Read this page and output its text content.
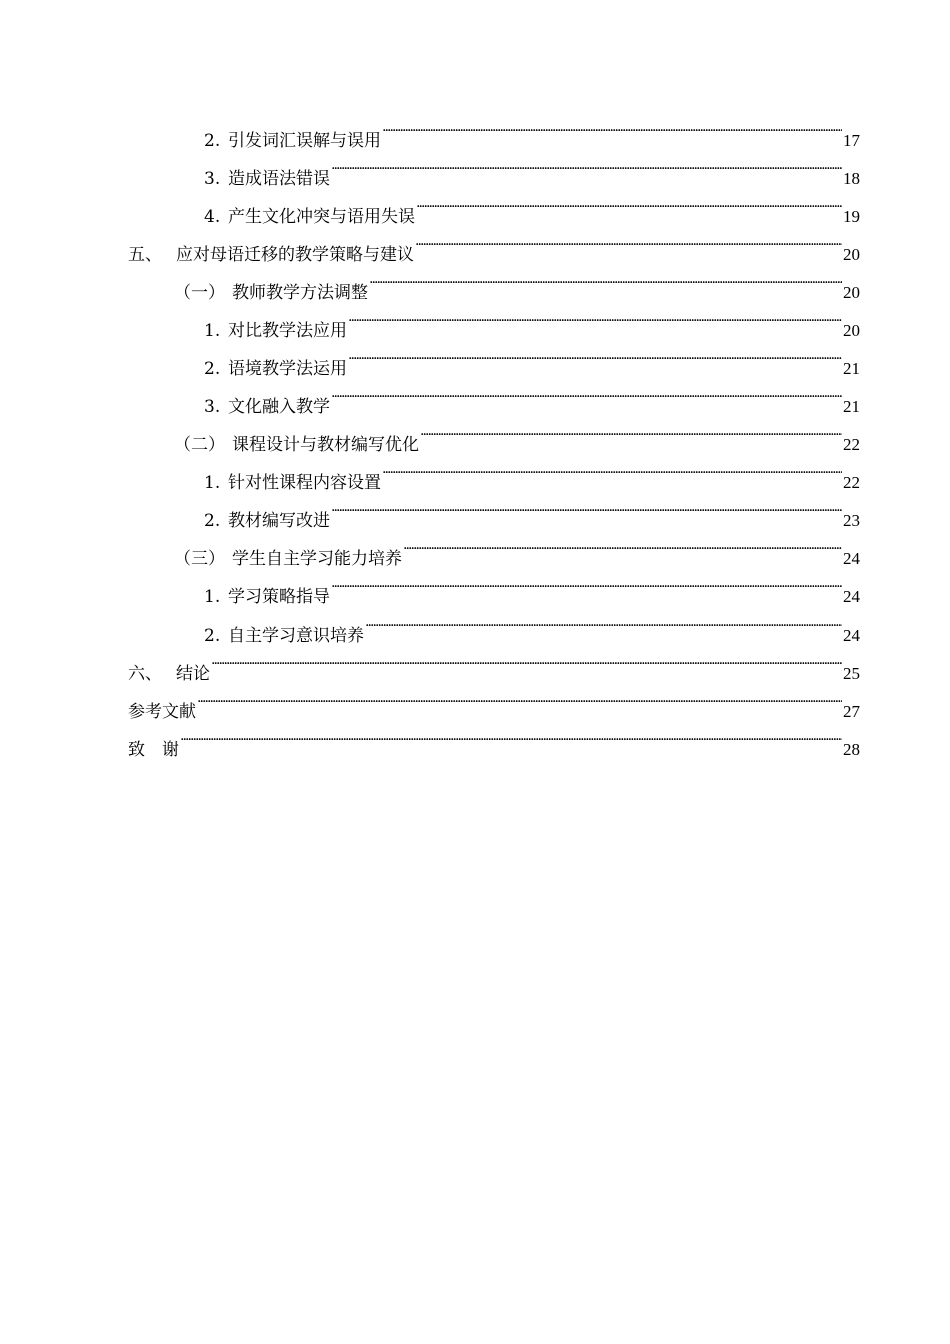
2. 引发词汇误解与误用 . . .	17
3. 造成语法错误 . . .	18
4. 产生文化冲突与语用失误 . . .	19
五、 应对母语迁移的教学策略与建议 . . .	20
（一） 教师教学方法调整 . . .	20
1. 对比教学法应用 . . .	20
2. 语境教学法运用 . . .	21
3. 文化融入教学 . . .	21
（二） 课程设计与教材编写优化 . . .	22
1. 针对性课程内容设置 . . .	22
2. 教材编写改进 . . .	23
（三） 学生自主学习能力培养 . . .	24
1. 学习策略指导 . . .	24
2. 自主学习意识培养 . . .	24
六、 结论 . . .	25
参考文献 . . .	27
致　谢 . . .	28
